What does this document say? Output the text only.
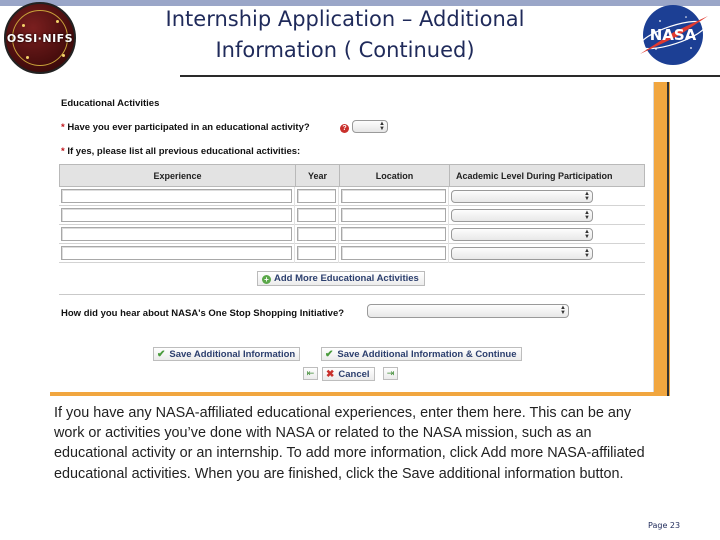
OSSI·NIFS
Internship Application – Additional
Information ( Continued)
NASA
Educational Activities
* Have you ever participated in an educational activity?	?
▲
▼
* If yes, please list all previous educational activities:
Experience	Year	Location	Academic Level During Participation
▲
▼
▲
▼
▲
▼
▲
▼
+ Add More Educational Activities
How did you hear about NASA's One Stop Shopping Initiative?	▲
▼
✔ Save Additional Information	✔ Save Additional Information & Continue
⇤	✖ Cancel	⇥
If you have any NASA-affiliated educational experiences, enter them here. This can be any work or activities you’ve done with NASA or related to the NASA mission, such as an educational activity or an internship. To add more information, click Add more NASA-affiliated educational activities. When you are finished, click the Save additional information button.
Page 23
